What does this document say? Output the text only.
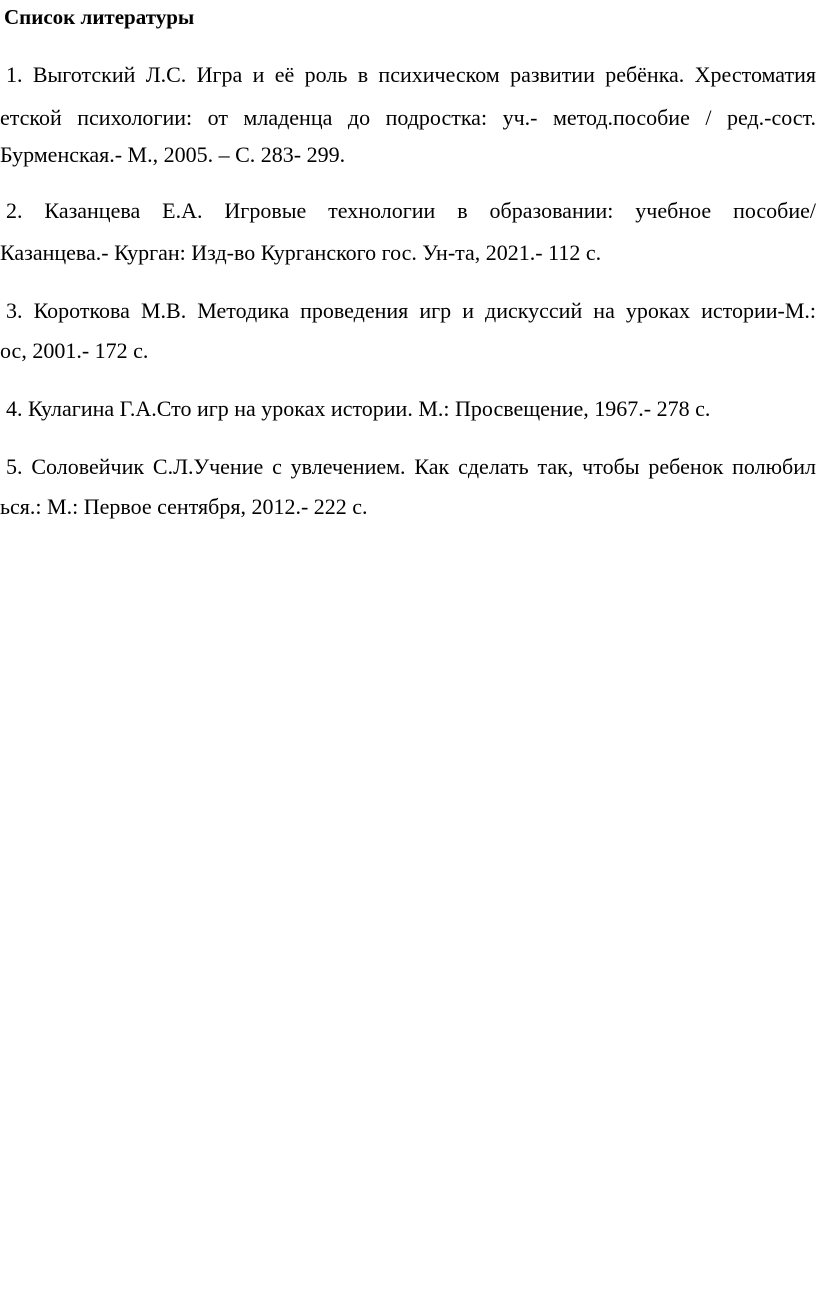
Список литературы
1. Выготский Л.С. Игра и её роль в психическом развитии ребёнка. Хрестоматия
етской психологии: от младенца до подростка: уч.- метод.пособие / ред.-сост.
Бурменская.- М., 2005. – С. 283- 299.
2. Казанцева Е.А. Игровые технологии в образовании: учебное пособие/
Казанцева.- Курган: Изд-во Курганского гос. Ун-та, 2021.- 112 с.
3. Короткова М.В. Методика проведения игр и дискуссий на уроках истории-М.:
ос, 2001.- 172 с.
4. Кулагина Г.А.Сто игр на уроках истории. М.: Просвещение, 1967.- 278 с.
5. Соловейчик С.Л.Учение с увлечением. Как сделать так, чтобы ребенок полюбил
ься.: М.: Первое сентября, 2012.- 222 с.
